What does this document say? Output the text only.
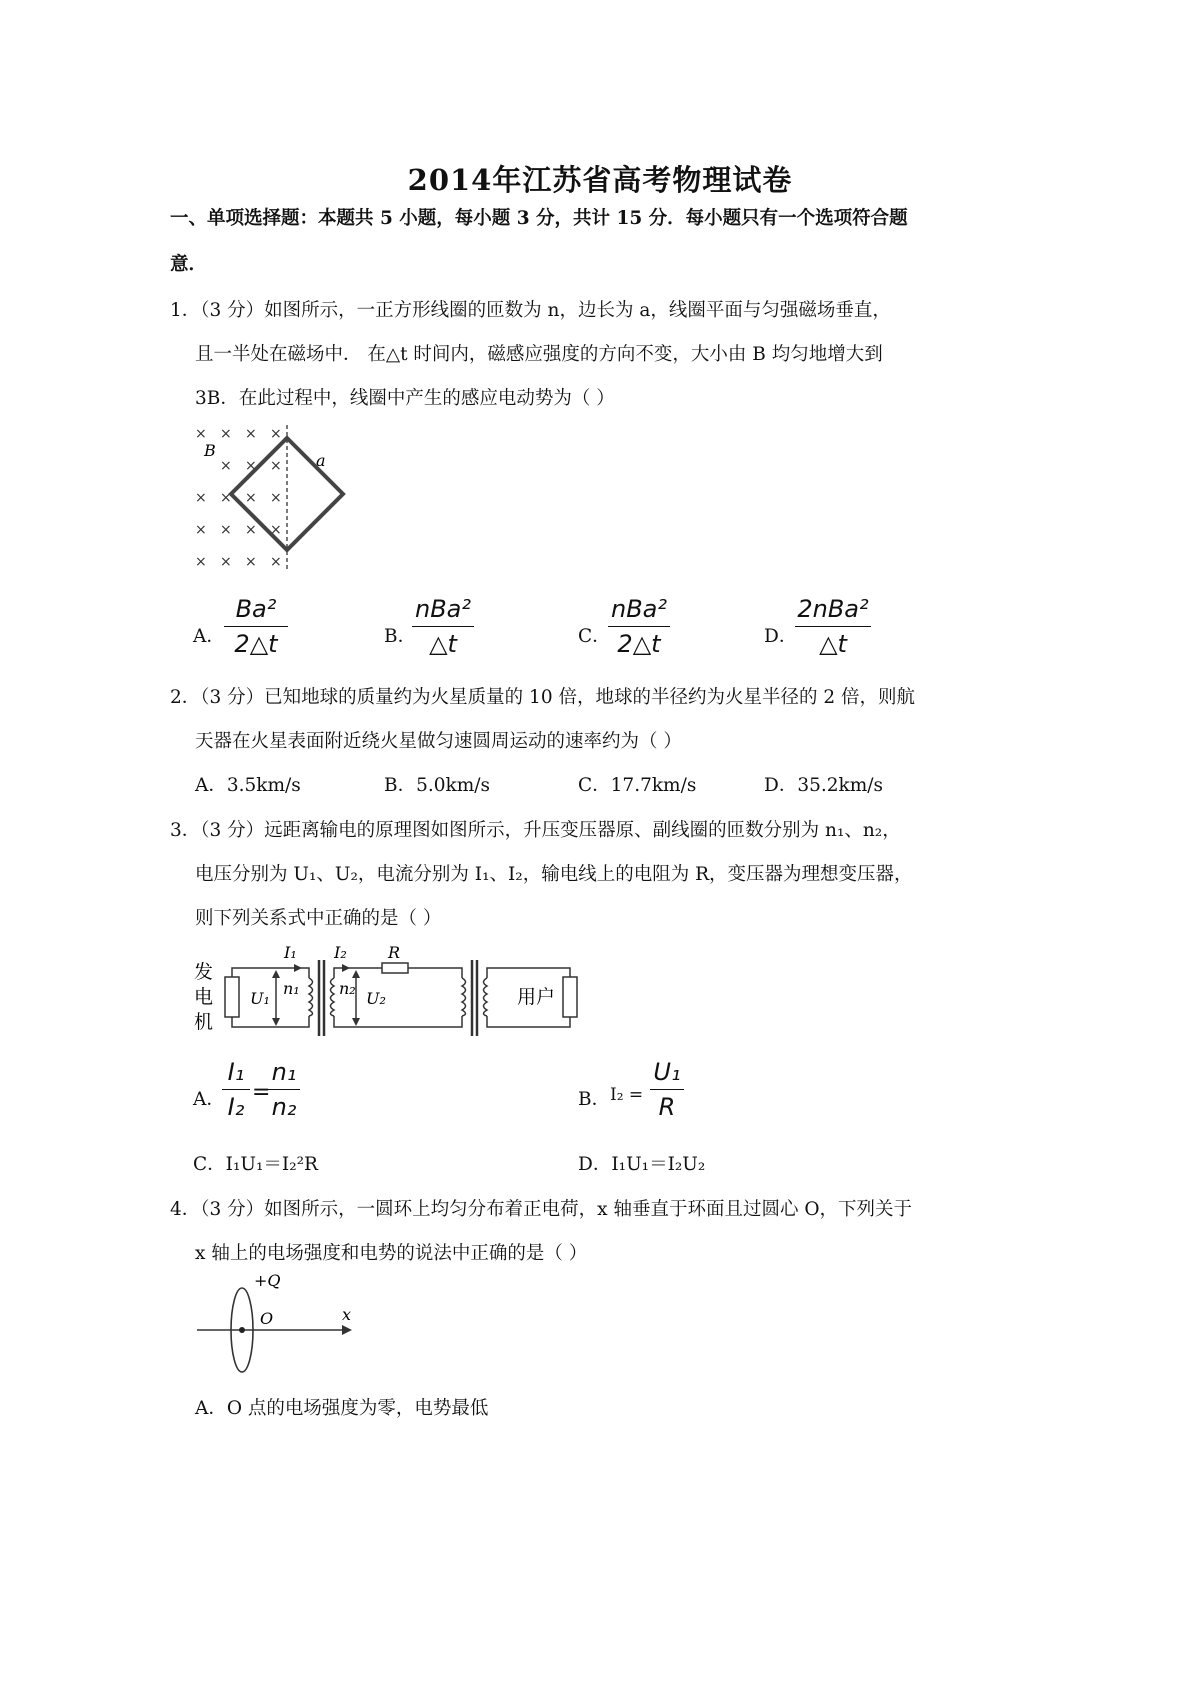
2014年江苏省高考物理试卷
一、单项选择题：本题共 5 小题，每小题 3 分，共计 15 分．每小题只有一个选项符合题
意．
1．（3 分）如图所示，一正方形线圈的匝数为 n，边长为 a，线圈平面与匀强磁场垂直，
且一半处在磁场中． 在△t 时间内，磁感应强度的方向不变，大小由 B 均匀地增大到
3B．在此过程中，线圈中产生的感应电动势为（ ）
× × × ×
× × ×
× × × ×
× × × ×
× × × ×
B
a
A．
Ba²
2△t	B．
nBa²
△t	C．
nBa²
2△t	D．
2nBa²
△t
2．（3 分）已知地球的质量约为火星质量的 10 倍，地球的半径约为火星半径的 2 倍，则航
天器在火星表面附近绕火星做匀速圆周运动的速率约为（ ）
A．3.5km/s	B．5.0km/s	C．17.7km/s	D．35.2km/s
3．（3 分）远距离输电的原理图如图所示，升压变压器原、副线圈的匝数分别为 n₁、n₂，
电压分别为 U₁、U₂，电流分别为 I₁、I₂，输电线上的电阻为 R，变压器为理想变压器，
则下列关系式中正确的是（ ）
发
电
机
I₁ I₂	R
U₁
n₁ n₂
U₂	用户
A．
I₁
I₂
=
n₁
n₂	B． I₂ =
U₁
R
C．I₁U₁＝I₂²R	D．I₁U₁＝I₂U₂
4．（3 分）如图所示，一圆环上均匀分布着正电荷，x 轴垂直于环面且过圆心 O，下列关于
x 轴上的电场强度和电势的说法中正确的是（ ）
+Q
O	x
A．O 点的电场强度为零，电势最低
